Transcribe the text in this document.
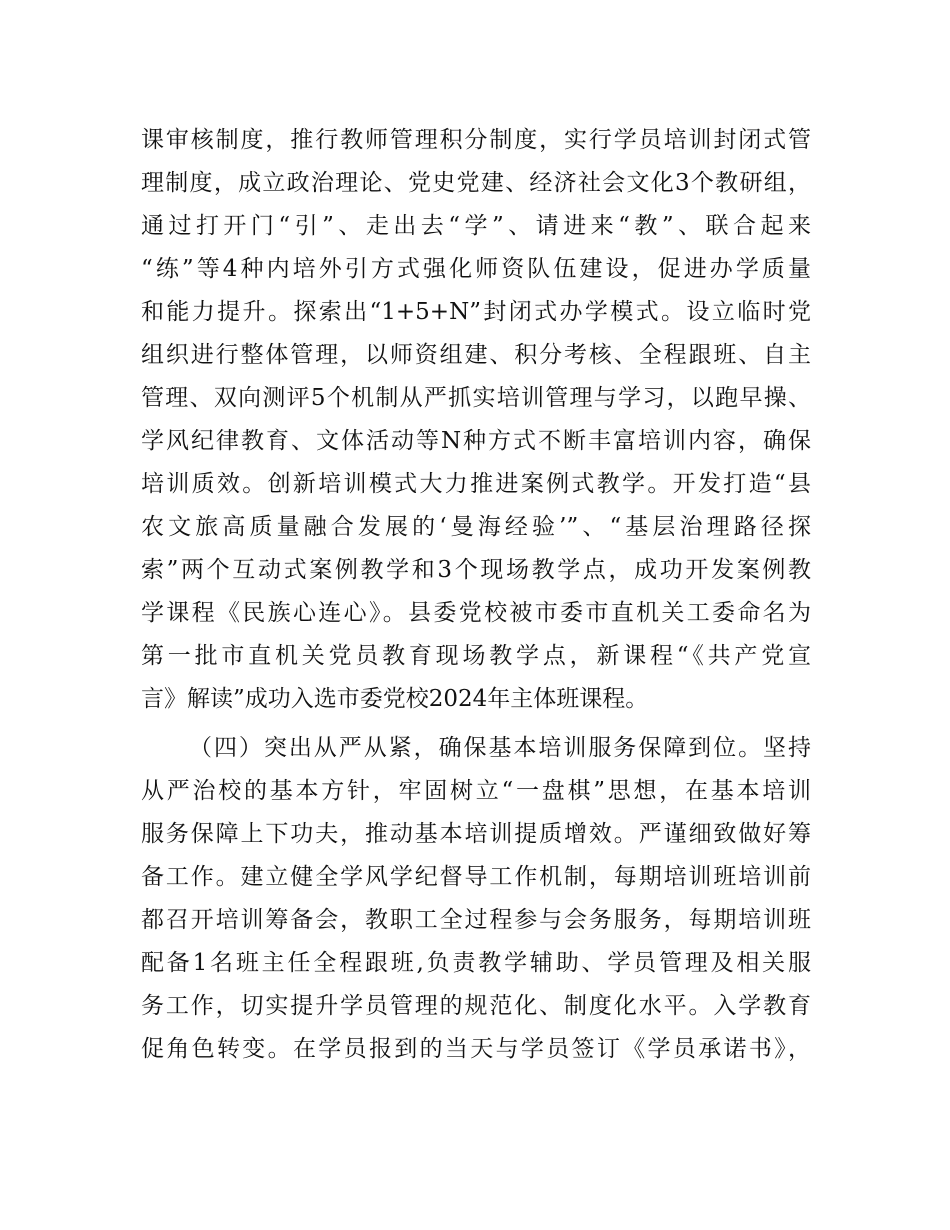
课审核制度，推行教师管理积分制度，实行学员培训封闭式管
理制度，成立政治理论、党史党建、经济社会文化3个教研组，
通过打开门“引”、走出去“学”、请进来“教”、联合起来
“练”等4种内培外引方式强化师资队伍建设，促进办学质量
和能力提升。探索出“1+5+N”封闭式办学模式。设立临时党
组织进行整体管理，以师资组建、积分考核、全程跟班、自主
管理、双向测评5个机制从严抓实培训管理与学习，以跑早操、
学风纪律教育、文体活动等N种方式不断丰富培训内容，确保
培训质效。创新培训模式大力推进案例式教学。开发打造“县
农文旅高质量融合发展的‘曼海经验’”、“基层治理路径探
索”两个互动式案例教学和3个现场教学点，成功开发案例教
学课程《民族心连心》。县委党校被市委市直机关工委命名为
第一批市直机关党员教育现场教学点，新课程“《共产党宣
言》解读”成功入选市委党校2024年主体班课程。
（四）突出从严从紧，确保基本培训服务保障到位。坚持
从严治校的基本方针，牢固树立“一盘棋”思想，在基本培训
服务保障上下功夫，推动基本培训提质增效。严谨细致做好筹
备工作。建立健全学风学纪督导工作机制，每期培训班培训前
都召开培训筹备会，教职工全过程参与会务服务，每期培训班
配备1名班主任全程跟班,负责教学辅助、学员管理及相关服
务工作，切实提升学员管理的规范化、制度化水平。入学教育
促角色转变。在学员报到的当天与学员签订《学员承诺书》，
